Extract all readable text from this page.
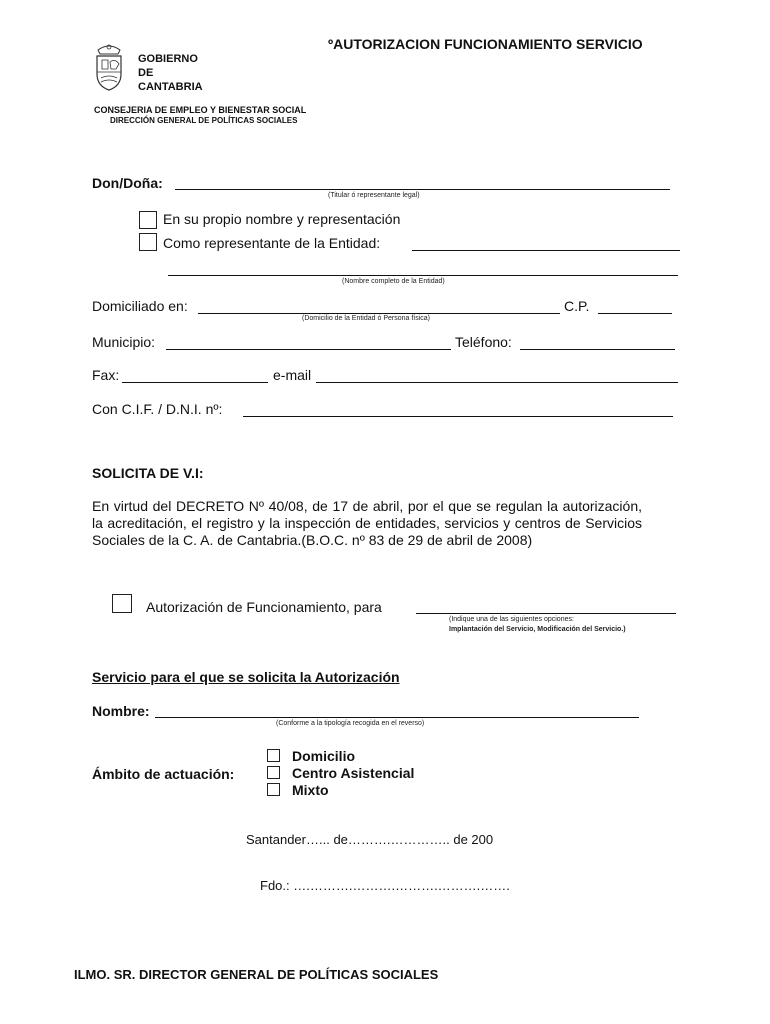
GOBIERNO
DE
CANTABRIA
ºAUTORIZACION FUNCIONAMIENTO SERVICIO
CONSEJERIA DE EMPLEO Y BIENESTAR SOCIAL
DIRECCIÓN GENERAL DE POLÍTICAS SOCIALES
Don/Doña:
(Titular ó representante legal)
En su propio nombre y representación
Como representante de la Entidad:
(Nombre completo de la Entidad)
Domiciliado en:	C.P.
(Domicilio de la Entidad ó Persona física)
Municipio:	Teléfono:
Fax:	e-mail
Con C.I.F. / D.N.I. nº:
SOLICITA DE V.I:
En virtud del DECRETO Nº 40/08, de 17 de abril, por el que se regulan la autorización, la acreditación, el registro y la inspección de entidades, servicios y centros de Servicios Sociales de la C. A. de Cantabria.(B.O.C. nº 83 de 29 de abril de 2008)
Autorización de Funcionamiento, para
(Indique una de las siguientes opciones:
Implantación del Servicio, Modificación del Servicio.)
Servicio para el que se solicita la Autorización
Nombre:
(Conforme a la tipología recogida en el reverso)
Ámbito de actuación:
Domicilio
Centro Asistencial
Mixto
Santander…... de……….………….. de 200
Fdo.: ….……….……….……….……….…….
ILMO. SR. DIRECTOR GENERAL DE POLÍTICAS SOCIALES
